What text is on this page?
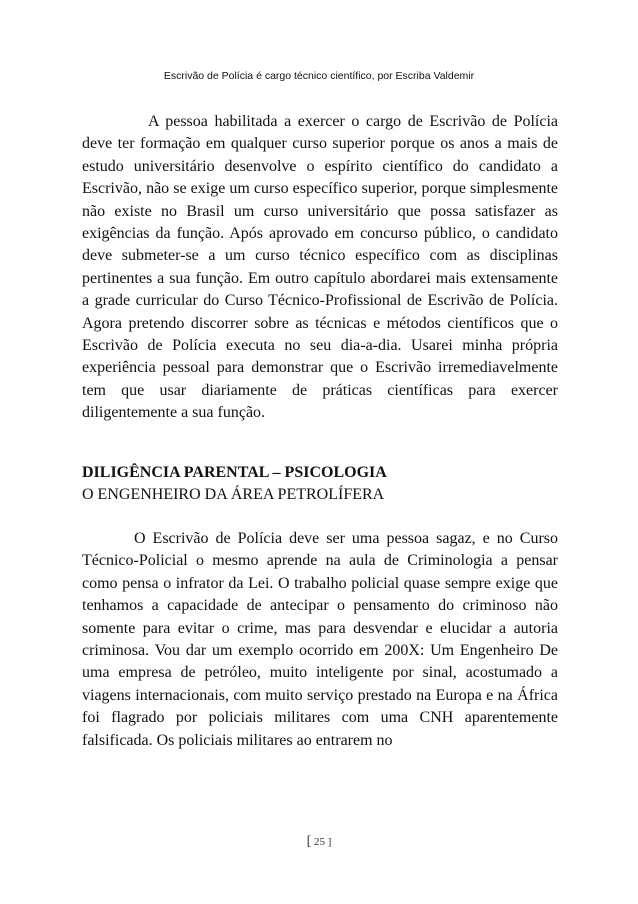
Escrivão de Polícia é cargo técnico científico, por Escriba Valdemir

A pessoa habilitada a exercer o cargo de Escrivão de Polícia deve ter formação em qualquer curso superior porque os anos a mais de estudo universitário desenvolve o espírito científico do candidato a Escrivão, não se exige um curso específico superior, porque simplesmente não existe no Brasil um curso universitário que possa satisfazer as exigências da função. Após aprovado em concurso público, o candidato deve submeter-se a um curso técnico específico com as disciplinas pertinentes a sua função. Em outro capítulo abordarei mais extensamente a grade curricular do Curso Técnico-Profissional de Escrivão de Polícia. Agora pretendo discorrer sobre as técnicas e métodos científicos que o Escrivão de Polícia executa no seu dia-a-dia. Usarei minha própria experiência pessoal para demonstrar que o Escrivão irremediavelmente tem que usar diariamente de práticas científicas para exercer diligentemente a sua função.

DILIGÊNCIA PARENTAL – PSICOLOGIA

O ENGENHEIRO DA ÁREA PETROLÍFERA

O Escrivão de Polícia deve ser uma pessoa sagaz, e no Curso Técnico-Policial o mesmo aprende na aula de Criminologia a pensar como pensa o infrator da Lei. O trabalho policial quase sempre exige que tenhamos a capacidade de antecipar o pensamento do criminoso não somente para evitar o crime, mas para desvendar e elucidar a autoria criminosa. Vou dar um exemplo ocorrido em 200X: Um Engenheiro De uma empresa de petróleo, muito inteligente por sinal, acostumado a viagens internacionais, com muito serviço prestado na Europa e na África foi flagrado por policiais militares com uma CNH aparentemente falsificada. Os policiais militares ao entrarem no

[ 25 ]
